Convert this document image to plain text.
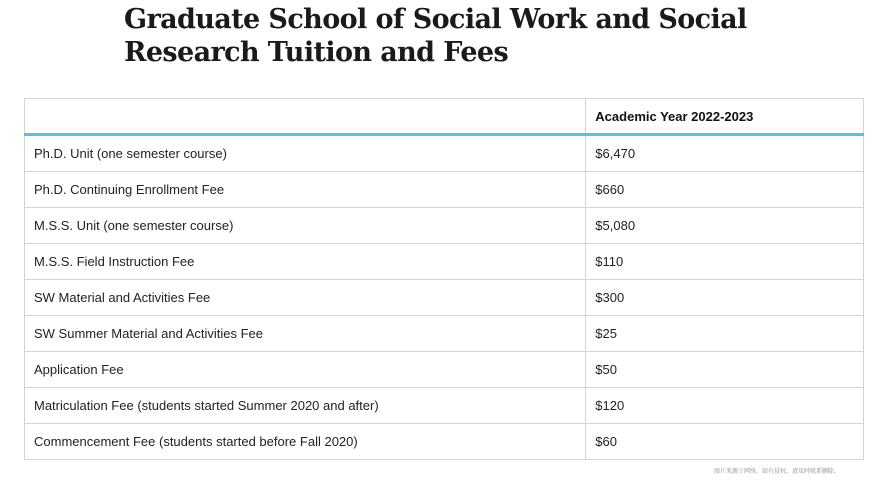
Graduate School of Social Work and Social Research Tuition and Fees
	Academic Year 2022-2023
Ph.D. Unit (one semester course)	$6,470
Ph.D. Continuing Enrollment Fee	$660
M.S.S. Unit (one semester course)	$5,080
M.S.S. Field Instruction Fee	$110
SW Material and Activities Fee	$300
SW Summer Material and Activities Fee	$25
Application Fee	$50
Matriculation Fee (students started Summer 2020 and after)	$120
Commencement Fee (students started before Fall 2020)	$60
图片来源于网络，如有侵权，请及时联系删除。
